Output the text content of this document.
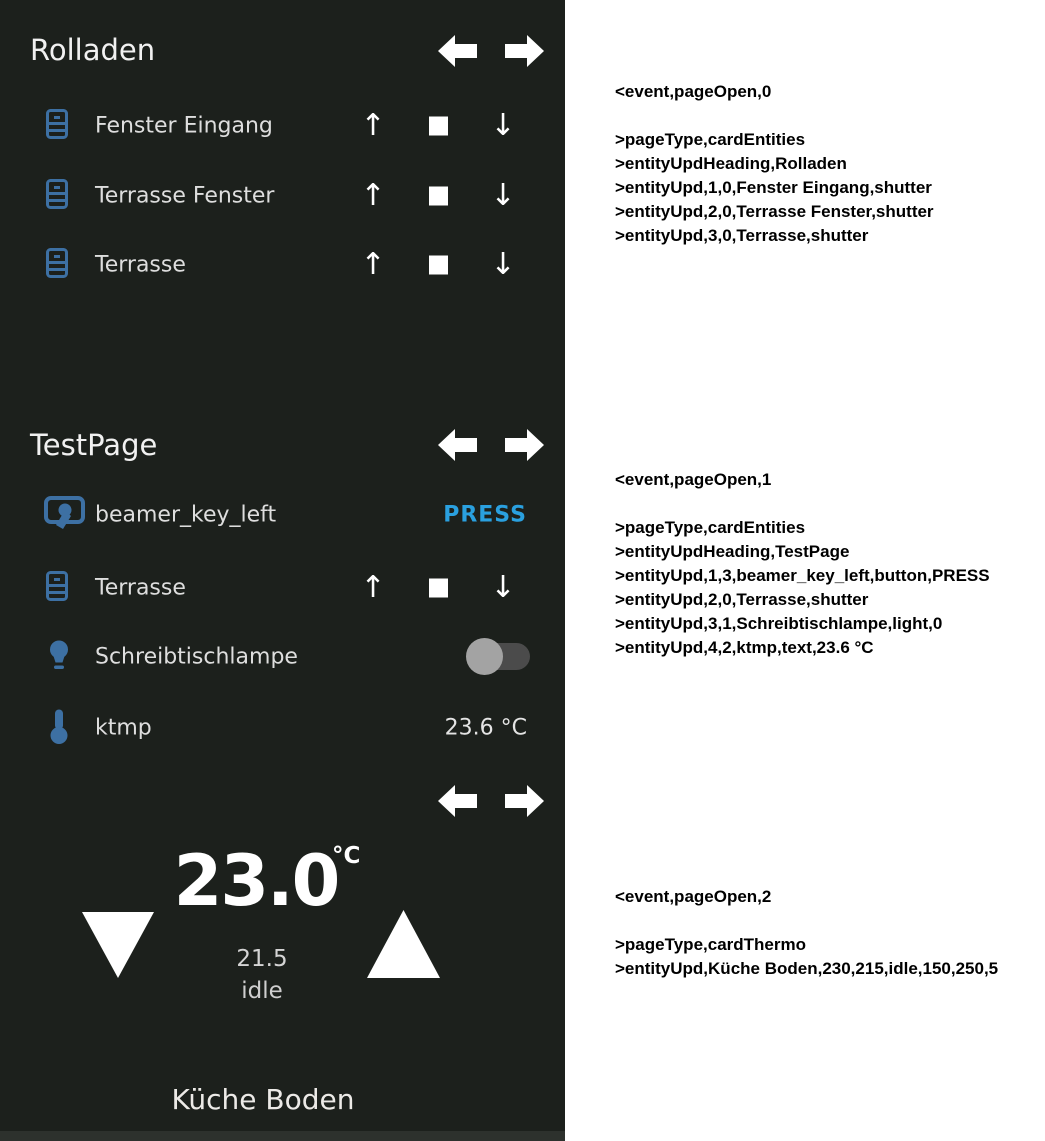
Rolladen
Fenster Eingang	↑	↓
Terrasse Fenster	↑	↓
Terrasse	↑	↓
TestPage
beamer_key_left	PRESS
Terrasse	↑	↓
Schreibtischlampe
ktmp	23.6 °C
23.0
°C
21.5
idle
Küche Boden
<event,pageOpen,0
>pageType,cardEntities
>entityUpdHeading,Rolladen
>entityUpd,1,0,Fenster Eingang,shutter
>entityUpd,2,0,Terrasse Fenster,shutter
>entityUpd,3,0,Terrasse,shutter
<event,pageOpen,1
>pageType,cardEntities
>entityUpdHeading,TestPage
>entityUpd,1,3,beamer_key_left,button,PRESS
>entityUpd,2,0,Terrasse,shutter
>entityUpd,3,1,Schreibtischlampe,light,0
>entityUpd,4,2,ktmp,text,23.6 °C
<event,pageOpen,2
>pageType,cardThermo
>entityUpd,Küche Boden,230,215,idle,150,250,5
